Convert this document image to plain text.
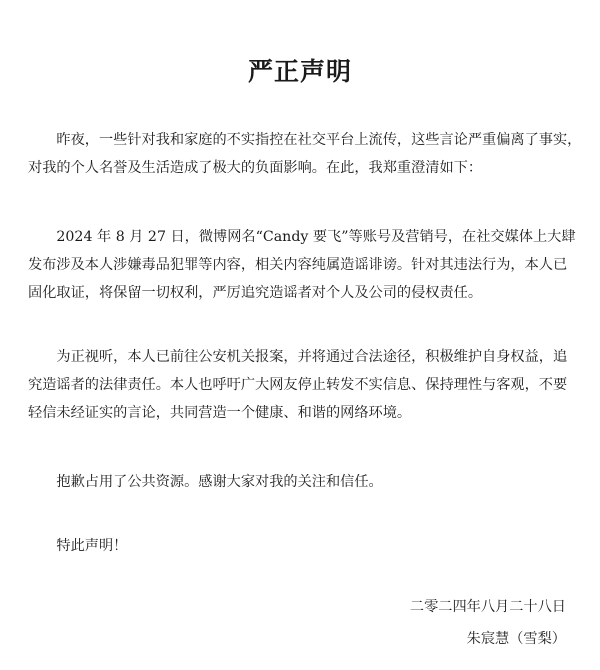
严正声明

　　昨夜，一些针对我和家庭的不实指控在社交平台上流传，这些言论严重偏离了事实，
对我的个人名誉及生活造成了极大的负面影响。在此，我郑重澄清如下：

　　2024 年 8 月 27 日，微博网名“Candy 要飞”等账号及营销号，在社交媒体上大肆
发布涉及本人涉嫌毒品犯罪等内容，相关内容纯属造谣诽谤。针对其违法行为，本人已
固化取证，将保留一切权利，严厉追究造谣者对个人及公司的侵权责任。

　　为正视听，本人已前往公安机关报案，并将通过合法途径，积极维护自身权益，追
究造谣者的法律责任。本人也呼吁广大网友停止转发不实信息、保持理性与客观，不要
轻信未经证实的言论，共同营造一个健康、和谐的网络环境。

　　抱歉占用了公共资源。感谢大家对我的关注和信任。

　　特此声明！

二零二四年八月二十八日
朱宸慧（雪梨）
